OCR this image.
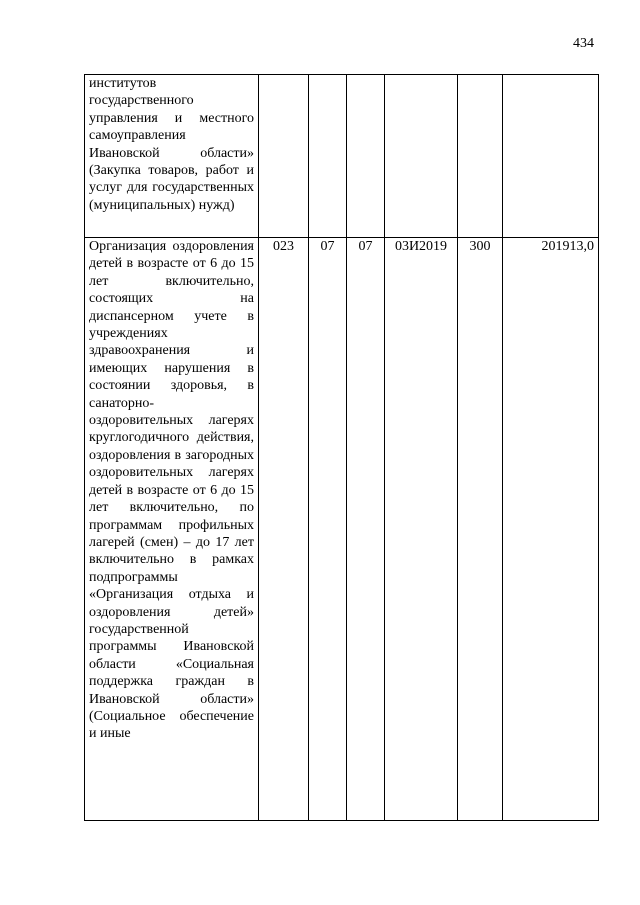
434
институтов
государственного управления и местного самоуправления Ивановской области» (Закупка товаров, работ и услуг для государственных (муниципальных) нужд)						
Организация оздоровления детей в возрасте от 6 до 15 лет включительно, состоящих на диспансерном учете в учреждениях здравоохранения и имеющих нарушения в состоянии здоровья, в санаторно-оздоровительных лагерях круглогодичного действия, оздоровления в загородных оздоровительных лагерях детей в возрасте от 6 до 15 лет включительно, по программам профильных лагерей (смен) – до 17 лет включительно в рамках подпрограммы «Организация отдыха и оздоровления детей» государственной программы Ивановской области «Социальная поддержка граждан в Ивановской области» (Социальное обеспечение и иные	023	07	07	03И2019	300	201913,0
